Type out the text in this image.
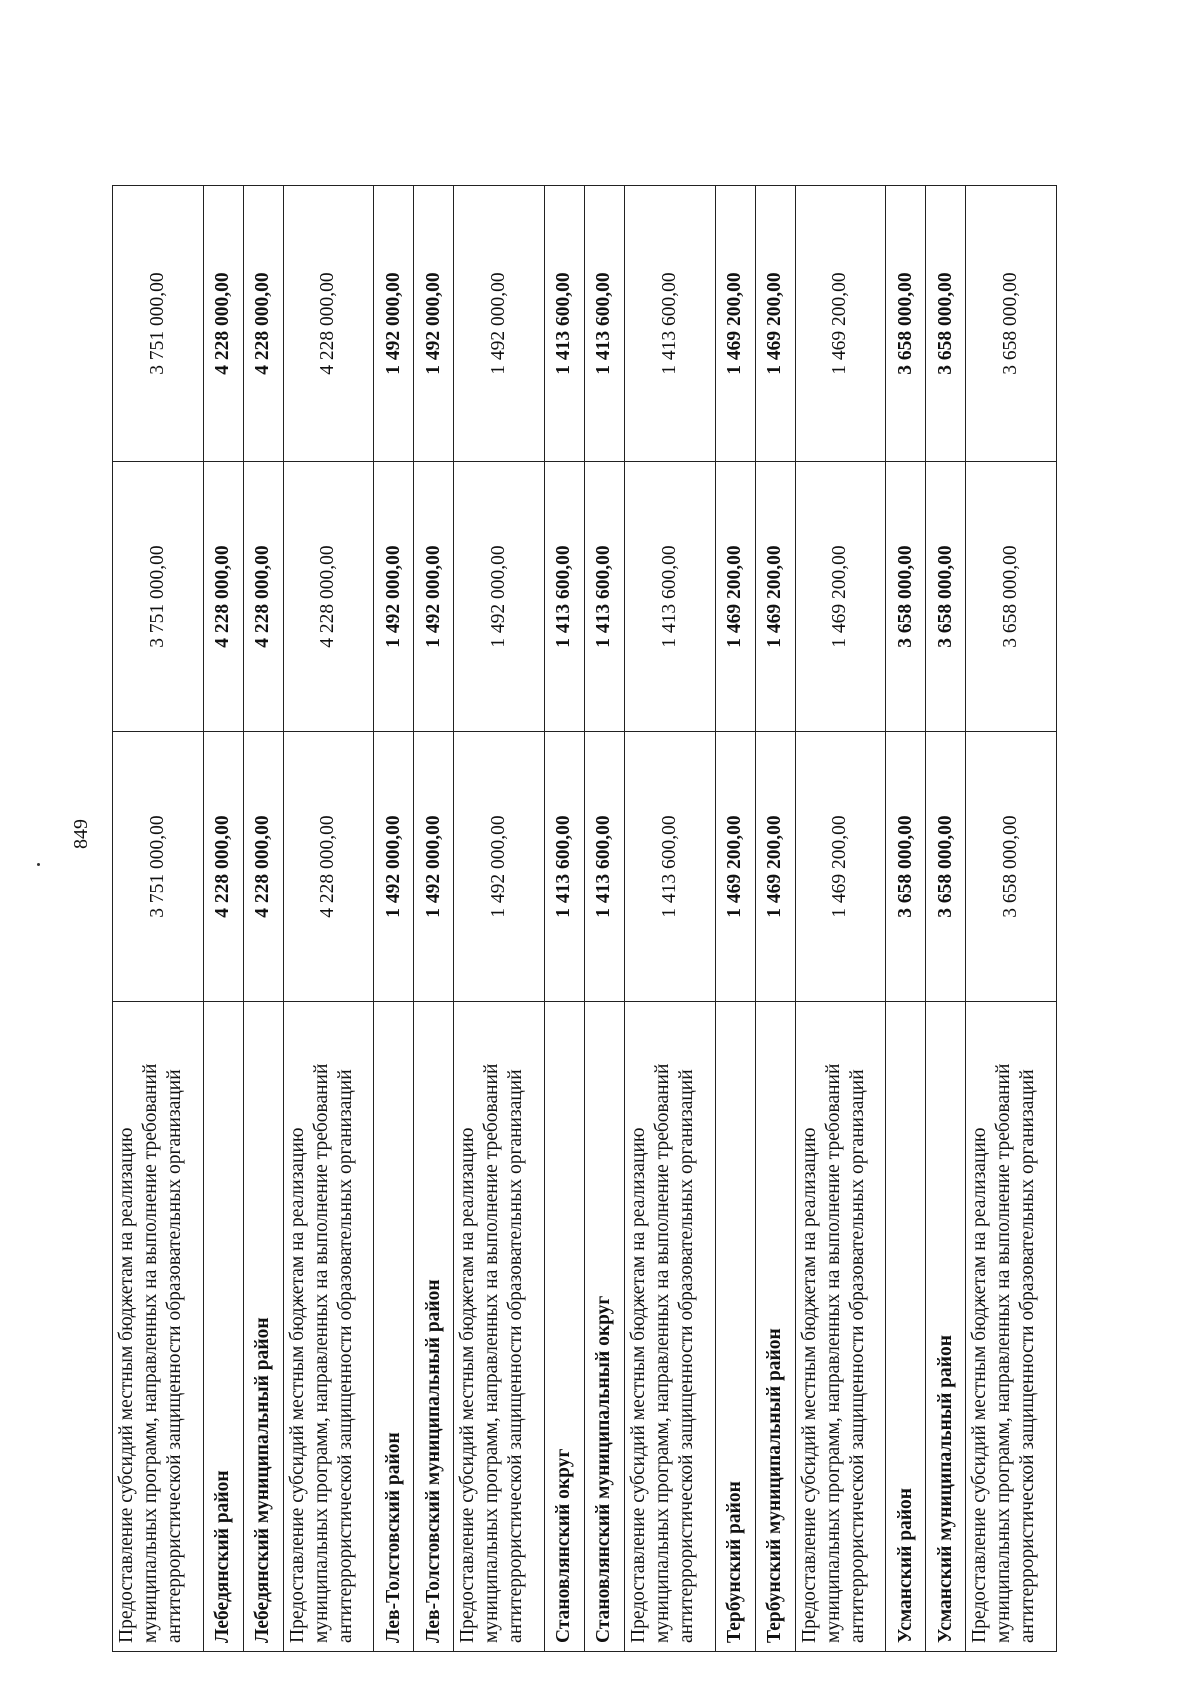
849
Предоставление субсидий местным бюджетам на реализацию муниципальных программ, направленных на выполнение требований антитеррористической защищенности образовательных организаций	3 751 000,00	3 751 000,00	3 751 000,00
Лебедянский район	4 228 000,00	4 228 000,00	4 228 000,00
Лебедянский муниципальный район	4 228 000,00	4 228 000,00	4 228 000,00
Предоставление субсидий местным бюджетам на реализацию муниципальных программ, направленных на выполнение требований антитеррористической защищенности образовательных организаций	4 228 000,00	4 228 000,00	4 228 000,00
Лев-Толстовский район	1 492 000,00	1 492 000,00	1 492 000,00
Лев-Толстовский муниципальный район	1 492 000,00	1 492 000,00	1 492 000,00
Предоставление субсидий местным бюджетам на реализацию муниципальных программ, направленных на выполнение требований антитеррористической защищенности образовательных организаций	1 492 000,00	1 492 000,00	1 492 000,00
Становлянский округ	1 413 600,00	1 413 600,00	1 413 600,00
Становлянский муниципальный округ	1 413 600,00	1 413 600,00	1 413 600,00
Предоставление субсидий местным бюджетам на реализацию муниципальных программ, направленных на выполнение требований антитеррористической защищенности образовательных организаций	1 413 600,00	1 413 600,00	1 413 600,00
Тербунский район	1 469 200,00	1 469 200,00	1 469 200,00
Тербунский муниципальный район	1 469 200,00	1 469 200,00	1 469 200,00
Предоставление субсидий местным бюджетам на реализацию муниципальных программ, направленных на выполнение требований антитеррористической защищенности образовательных организаций	1 469 200,00	1 469 200,00	1 469 200,00
Усманский район	3 658 000,00	3 658 000,00	3 658 000,00
Усманский муниципальный район	3 658 000,00	3 658 000,00	3 658 000,00
Предоставление субсидий местным бюджетам на реализацию муниципальных программ, направленных на выполнение требований антитеррористической защищенности образовательных организаций	3 658 000,00	3 658 000,00	3 658 000,00
